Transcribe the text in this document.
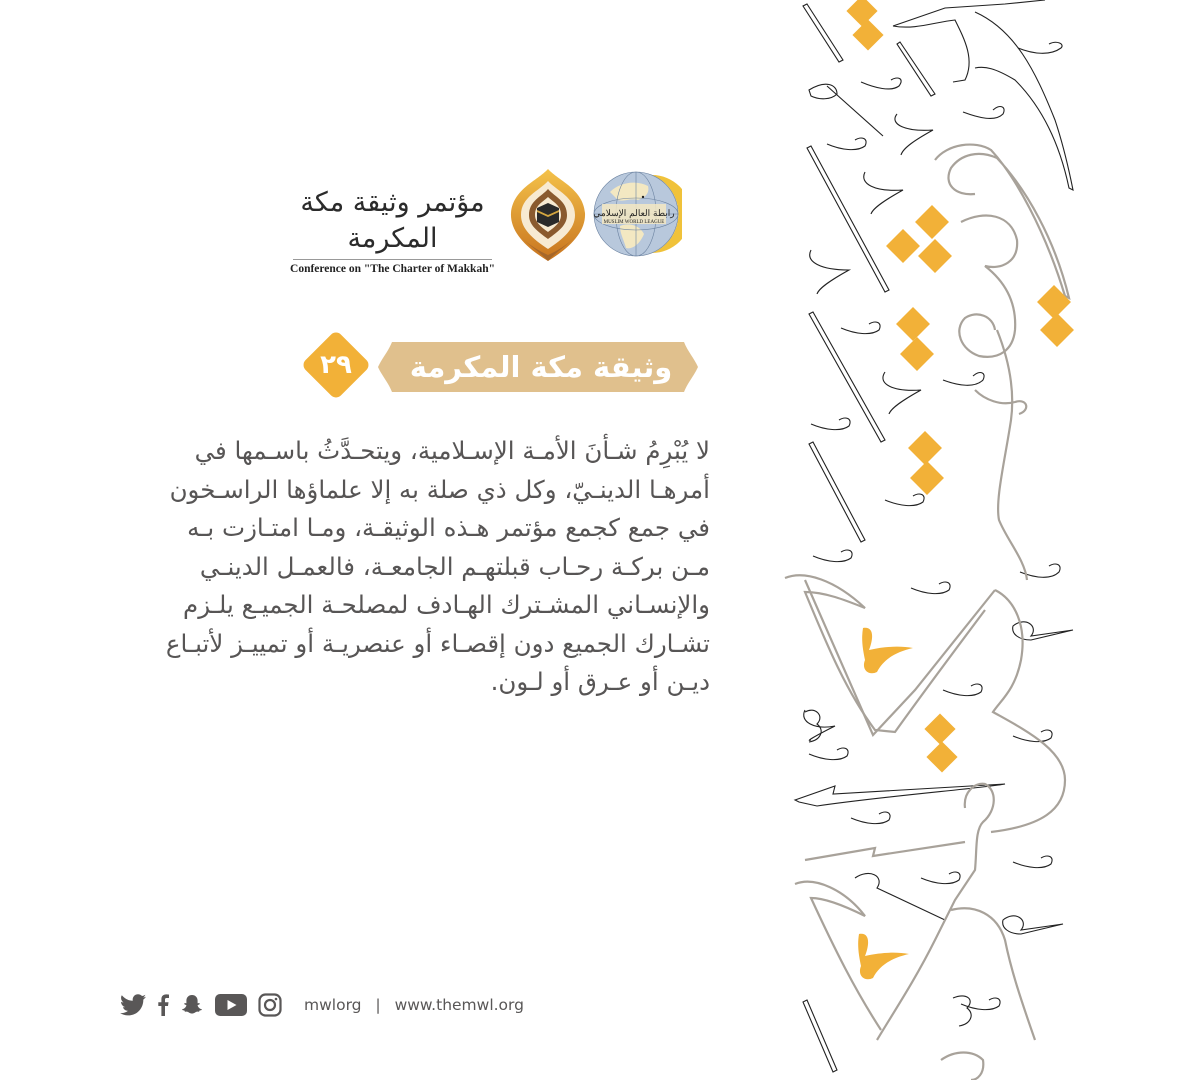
مؤتمر وثيقة مكة المكرمة
Conference on "The Charter of Makkah"
رابطة العالم الإسلامي
MUSLIM WORLD LEAGUE
٢٩	وثيقة مكة المكرمة
لا يُبْرِمُ شـأنَ الأمـة الإسـلامية، ويتحـدَّثُ باسـمها في
أمرهـا الدينـيّ، وكل ذي صلة به إلا علماؤها الراسـخون
في جمع كجمع مؤتمر هـذه الوثيقـة، ومـا امتـازت بـه
مـن بركـة رحـاب قبلتهـم الجامعـة، فالعمـل الدينـي
والإنسـاني المشـترك الهـادف لمصلحـة الجميـع يلـزم
تشـارك الجميع دون إقصـاء أو عنصريـة أو تمييـز لأتبـاع
ديـن أو عـرق أو لـون.
mwlorg | www.themwl.org
